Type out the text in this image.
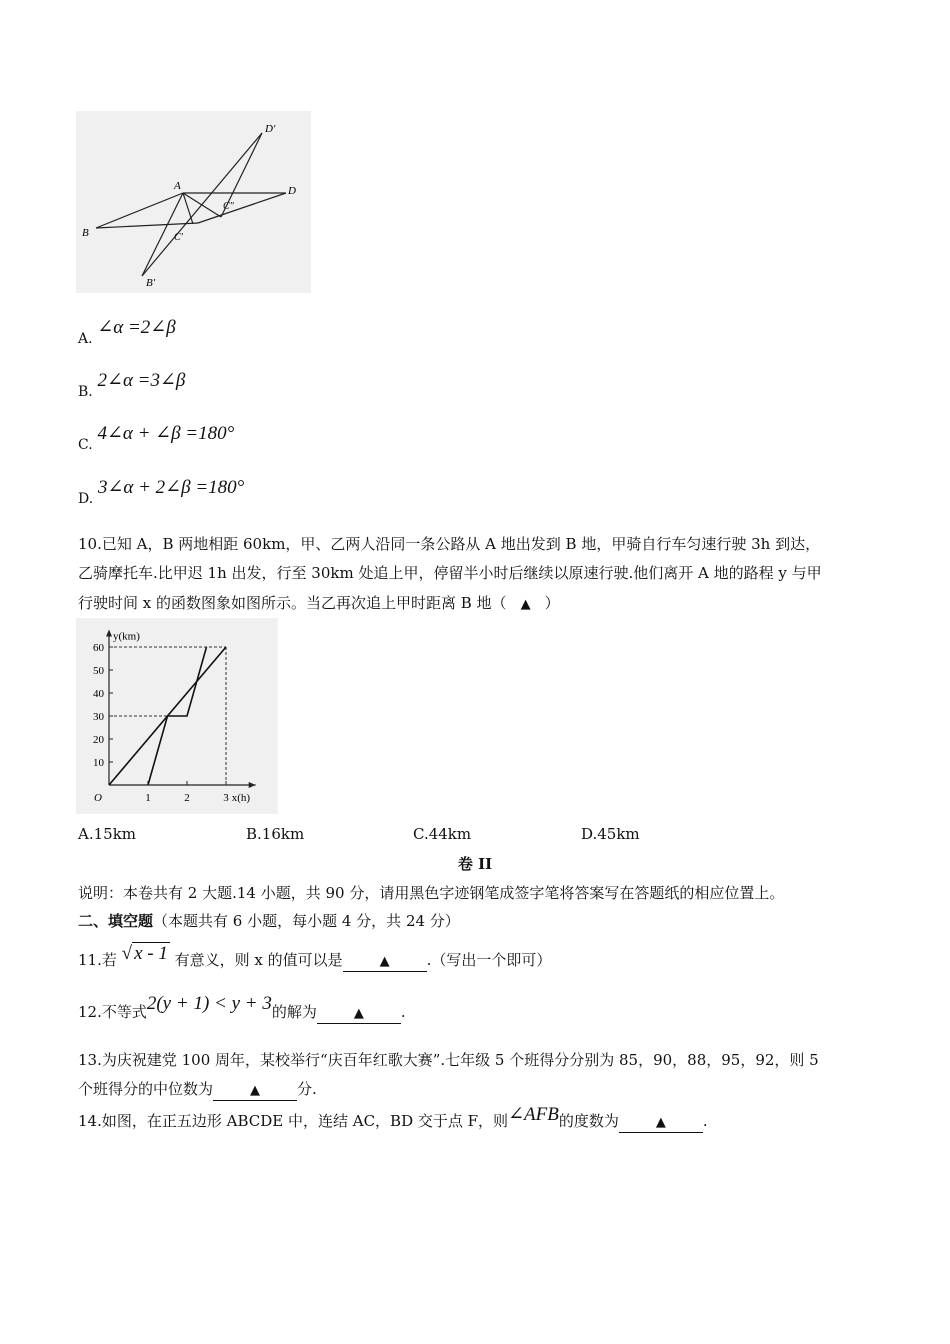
D′
A	D
C″
B	C′
B′
A. ∠α =2∠β
B. 2∠α =3∠β
C. 4∠α + ∠β =180°
D. 3∠α + 2∠β =180°
10.已知 A，B 两地相距 60km，甲、乙两人沿同一条公路从 A 地出发到 B 地，甲骑自行车匀速行驶 3h 到达，
乙骑摩托车.比甲迟 1h 出发，行至 30km 处追上甲，停留半小时后继续以原速行驶.他们离开 A 地的路程 y 与甲
行驶时间 x 的函数图象如图所示。当乙再次追上甲时距离 B 地（ ▲ ）
y(km)
x(h)
O
10
20
30
40
50
60
1	2	3
A.15km	B.16km	C.44km	D.45km
卷 II
说明：本卷共有 2 大题.14 小题，共 90 分，请用黑色字迹钢笔成签字笔将答案写在答题纸的相应位置上。
二、填空题（本题共有 6 小题，每小题 4 分，共 24 分）
11.若 √ x - 1 有意义，则 x 的值可以是	▲ .（写出一个即可）
12.不等式2(y + 1) < y + 3的解为	▲ .
13.为庆祝建党 100 周年，某校举行“庆百年红歌大赛”.七年级 5 个班得分分别为 85，90，88，95，92，则 5
个班得分的中位数为	▲ 分.
14.如图，在正五边形 ABCDE 中，连结 AC，BD 交于点 F，则∠AFB的度数为	▲ .
